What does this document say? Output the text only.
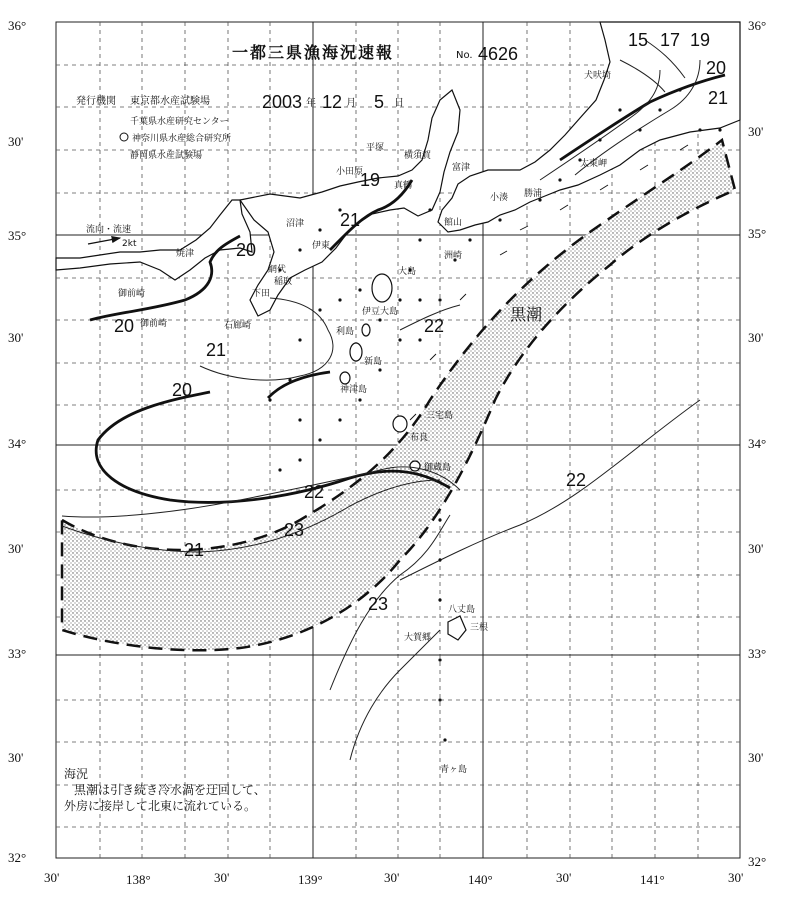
36°
30'
35°
30'
34°
30'
33°
30'
32°
36°
30'
35°
30'
34°
30'
33°
30'
32°
30'	138°	30'	139°	30'	140°	30'	141°	30'
一都三県漁海況速報	No. 4626
発行機関 東京都水産試験場	2003 年 12 月 5 日
千葉県水産研究センター
神奈川県水産総合研究所
静岡県水産試験場
流向・流速
2kt
黒潮
15 17 19
20
21
19
21
20
20
21
20
22
22
23
21
23
22
犬吠埼
太東岬
勝浦
小湊
館山
平塚
横須賀
富津
小田原
真鶴
伊東
沼津
焼津
御前崎
御前崎
網代
稲取
下田
石廊崎
大島
利島
新島
神津島
三宅島
御蔵島
八丈島
三根
大賀郷
青ヶ島
洲崎
布良
伊豆大島
海況
黒潮は引き続き冷水渦を迂回して、
外房に接岸して北東に流れている。
